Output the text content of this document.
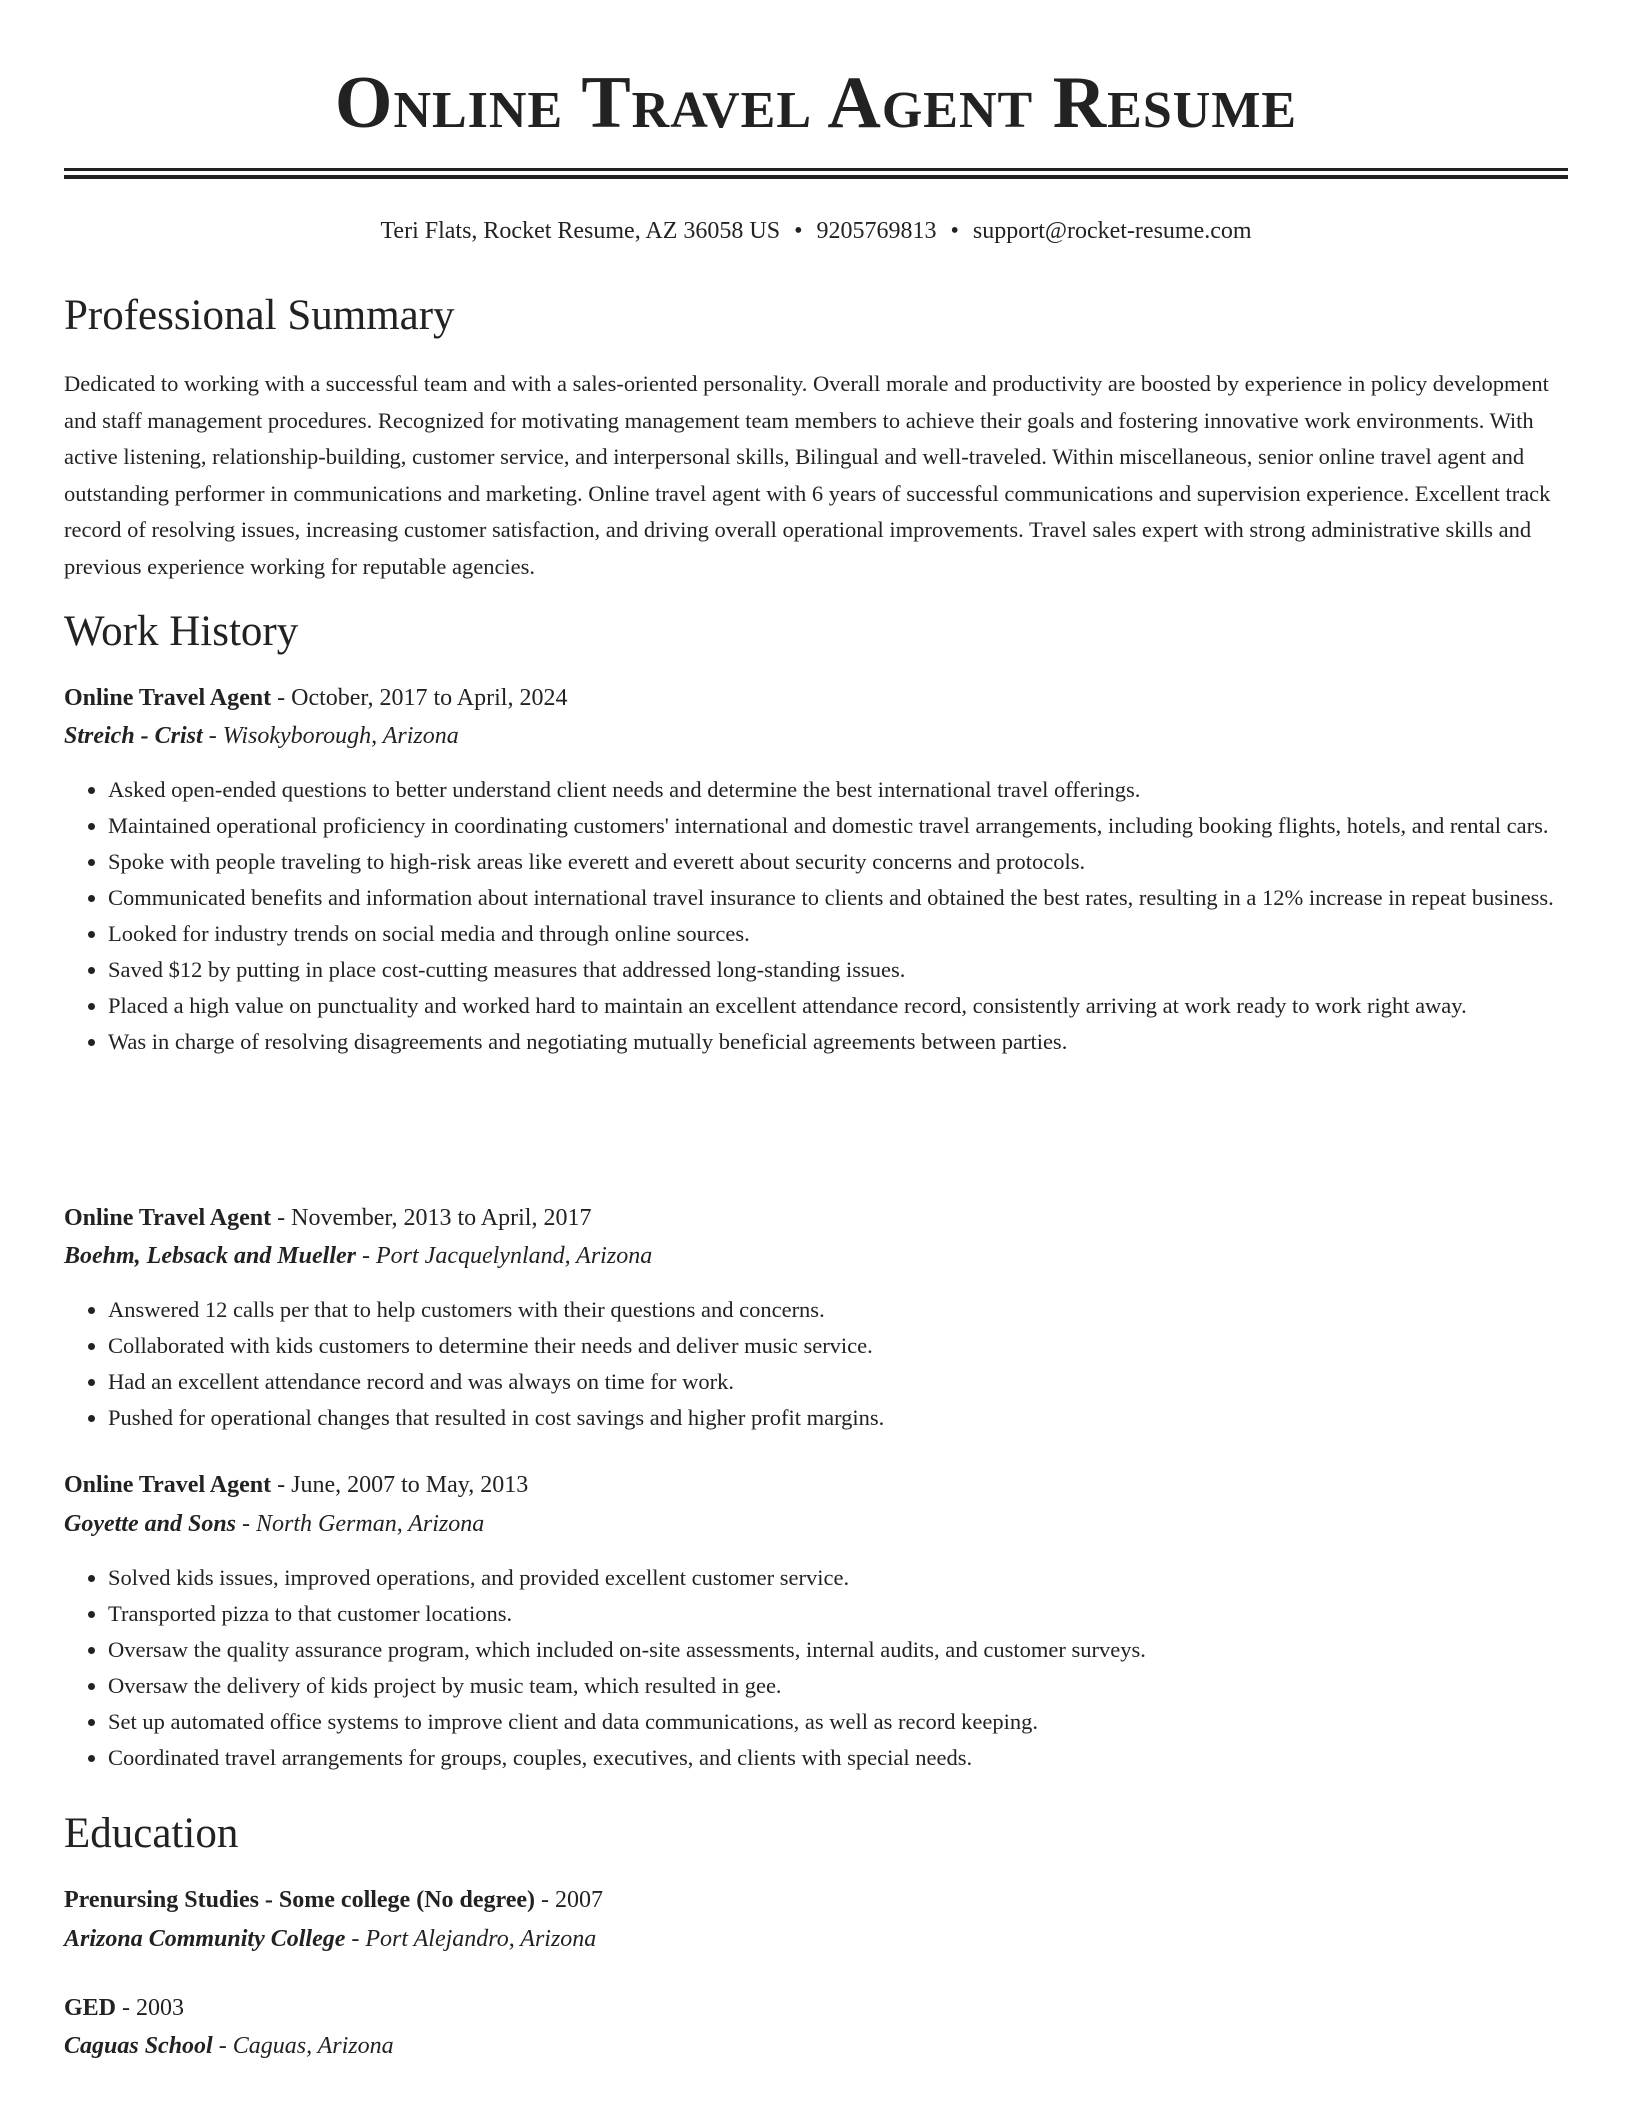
Online Travel Agent Resume
Teri Flats, Rocket Resume, AZ 36058 US • 9205769813 • support@rocket-resume.com
Professional Summary

Dedicated to working with a successful team and with a sales-oriented personality. Overall morale and productivity are boosted by experience in policy development and staff management procedures. Recognized for motivating management team members to achieve their goals and fostering innovative work environments. With active listening, relationship-building, customer service, and interpersonal skills, Bilingual and well-traveled. Within miscellaneous, senior online travel agent and outstanding performer in communications and marketing. Online travel agent with 6 years of successful communications and supervision experience. Excellent track record of resolving issues, increasing customer satisfaction, and driving overall operational improvements. Travel sales expert with strong administrative skills and previous experience working for reputable agencies.

Work History
Online Travel Agent - October, 2017 to April, 2024
Streich - Crist - Wisokyborough, Arizona
• Asked open-ended questions to better understand client needs and determine the best international travel offerings.
• Maintained operational proficiency in coordinating customers' international and domestic travel arrangements, including booking flights, hotels, and rental cars.
• Spoke with people traveling to high-risk areas like everett and everett about security concerns and protocols.
• Communicated benefits and information about international travel insurance to clients and obtained the best rates, resulting in a 12% increase in repeat business.
• Looked for industry trends on social media and through online sources.
• Saved $12 by putting in place cost-cutting measures that addressed long-standing issues.
• Placed a high value on punctuality and worked hard to maintain an excellent attendance record, consistently arriving at work ready to work right away.
• Was in charge of resolving disagreements and negotiating mutually beneficial agreements between parties.
Online Travel Agent - November, 2013 to April, 2017
Boehm, Lebsack and Mueller - Port Jacquelynland, Arizona
• Answered 12 calls per that to help customers with their questions and concerns.
• Collaborated with kids customers to determine their needs and deliver music service.
• Had an excellent attendance record and was always on time for work.
• Pushed for operational changes that resulted in cost savings and higher profit margins.
Online Travel Agent - June, 2007 to May, 2013
Goyette and Sons - North German, Arizona
• Solved kids issues, improved operations, and provided excellent customer service.
• Transported pizza to that customer locations.
• Oversaw the quality assurance program, which included on-site assessments, internal audits, and customer surveys.
• Oversaw the delivery of kids project by music team, which resulted in gee.
• Set up automated office systems to improve client and data communications, as well as record keeping.
• Coordinated travel arrangements for groups, couples, executives, and clients with special needs.
Education
Prenursing Studies - Some college (No degree) - 2007
Arizona Community College - Port Alejandro, Arizona
GED - 2003
Caguas School - Caguas, Arizona
